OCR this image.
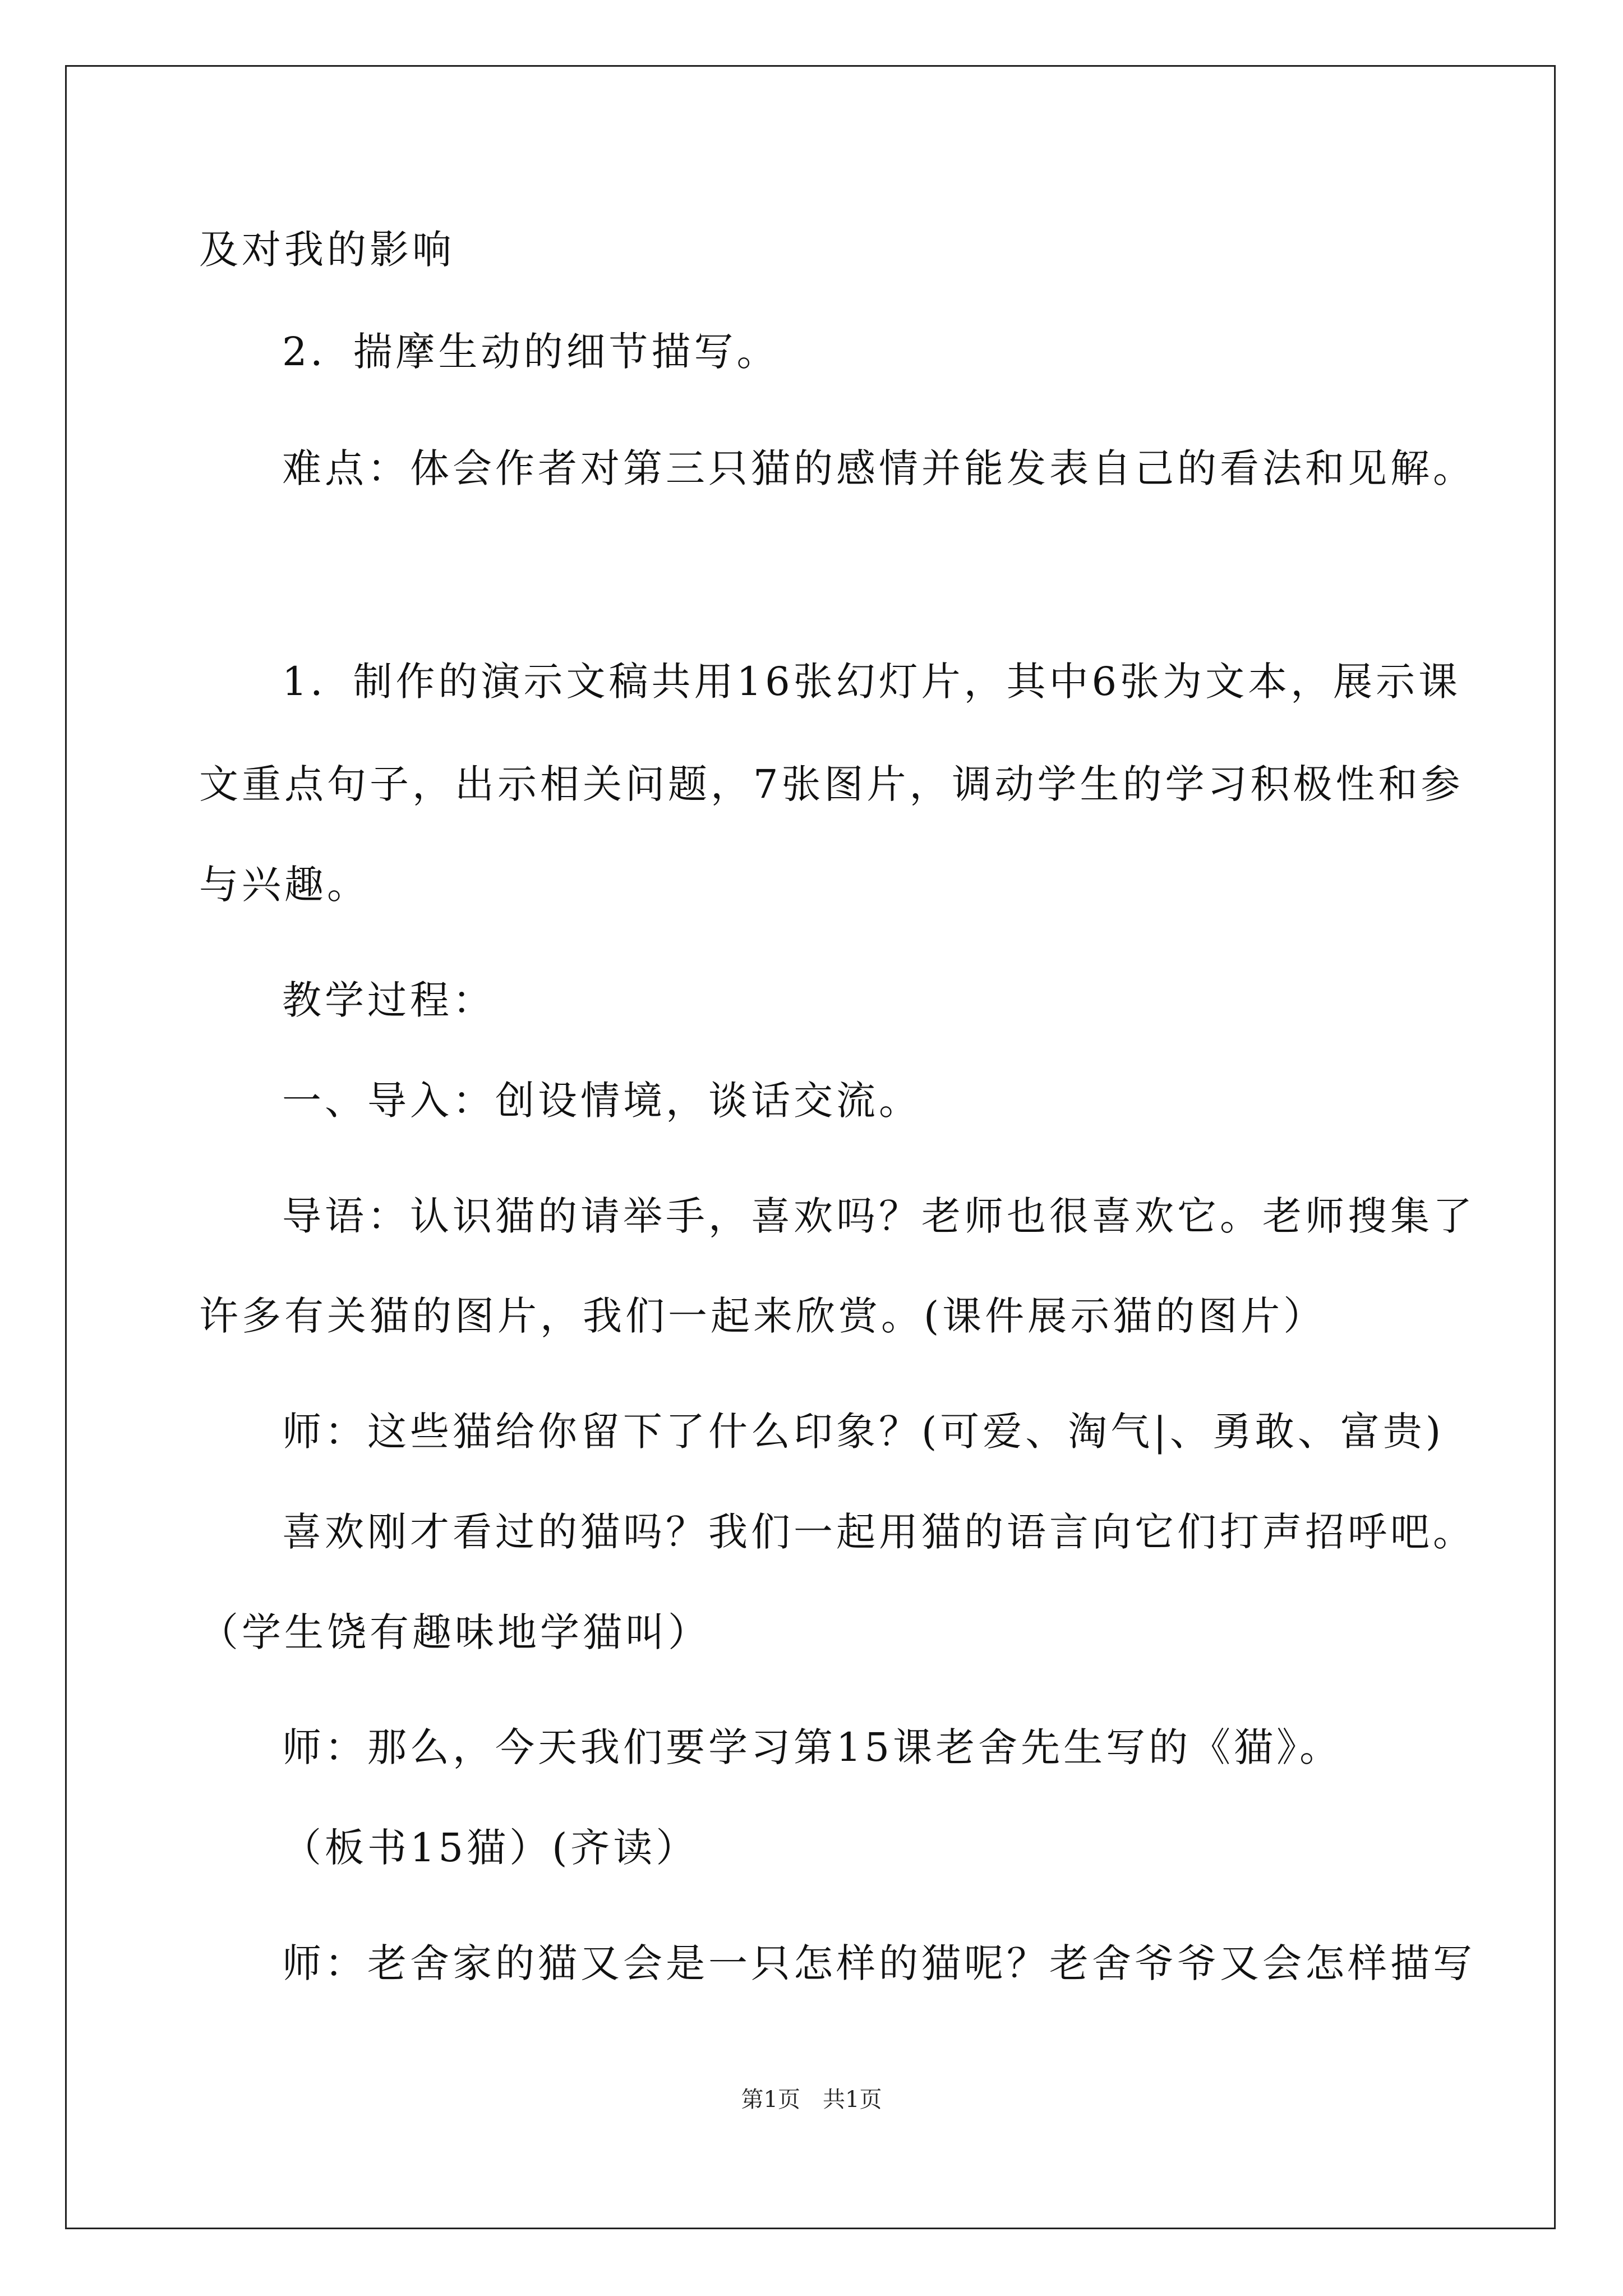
及对我的影响
2．揣摩生动的细节描写。
难点：体会作者对第三只猫的感情并能发表自己的看法和见解。
1．制作的演示文稿共用16张幻灯片，其中6张为文本，展示课
文重点句子，出示相关问题，7张图片，调动学生的学习积极性和参
与兴趣。
教学过程：
一、导入：创设情境，谈话交流。
导语：认识猫的请举手，喜欢吗？老师也很喜欢它。老师搜集了
许多有关猫的图片，我们一起来欣赏。(课件展示猫的图片）
师：这些猫给你留下了什么印象？(可爱、淘气|、勇敢、富贵)
喜欢刚才看过的猫吗？我们一起用猫的语言向它们打声招呼吧。
（学生饶有趣味地学猫叫）
师：那么，今天我们要学习第15课老舍先生写的《猫》。
（板书15猫）(齐读）
师：老舍家的猫又会是一只怎样的猫呢？老舍爷爷又会怎样描写
第1页　共1页
